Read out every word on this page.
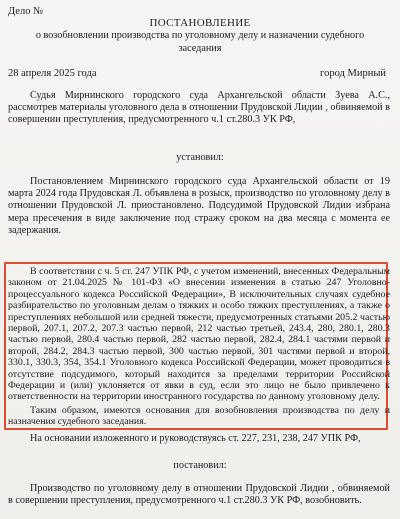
Дело №
ПОСТАНОВЛЕНИЕ
о возобновлении производства по уголовному делу и назначении судебного заседания
28 апреля 2025 года	город Мирный
Судья Мирнинского городского суда Архангельской области Зуева А.С., рассмотрев материалы уголовного дела в отношении Прудовской Лидии , обвиняемой в совершении преступления, предусмотренного ч.1 ст.280.3 УК РФ,
установил:
Постановлением Мирнинского городского суда Архангельской области от 19 марта 2024 года Прудовская Л. объявлена в розыск, производство по уголовному делу в отношении Прудовской Л. приостановлено. Подсудимой Прудовской Лидии избрана мера пресечения в виде заключение под стражу сроком на два месяца с момента ее задержания.
В соответствии с ч. 5 ст. 247 УПК РФ, с учетом изменений, внесенных Федеральным законом от 21.04.2025 № 101-ФЗ «О внесении изменения в статью 247 Уголовно-процессуального кодекса Российской Федерации», В исключительных случаях судебное разбирательство по уголовным делам о тяжких и особо тяжких преступлениях, а также о преступлениях небольшой или средней тяжести, предусмотренных статьями 205.2 частью первой, 207.1, 207.2, 207.3 частью первой, 212 частью третьей, 243.4, 280, 280.1, 280.3 частью первой, 280.4 частью первой, 282 частью первой, 282.4, 284.1 частями первой и второй, 284.2, 284.3 частью первой, 300 частью первой, 301 частями первой и второй, 330.1, 330.3, 354, 354.1 Уголовного кодекса Российской Федерации, может проводиться в отсутствие подсудимого, который находится за пределами территории Российской Федерации и (или) уклоняется от явки в суд, если это лицо не было привлечено к ответственности на территории иностранного государства по данному уголовному делу.
Таким образом, имеются основания для возобновления производства по делу и назначения судебного заседания.
На основании изложенного и руководствуясь ст. 227, 231, 238, 247 УПК РФ,
постановил:
Производство по уголовному делу в отношении Прудовской Лидии , обвиняемой в совершении преступления, предусмотренного ч.1 ст.280.3 УК РФ, возобновить.
